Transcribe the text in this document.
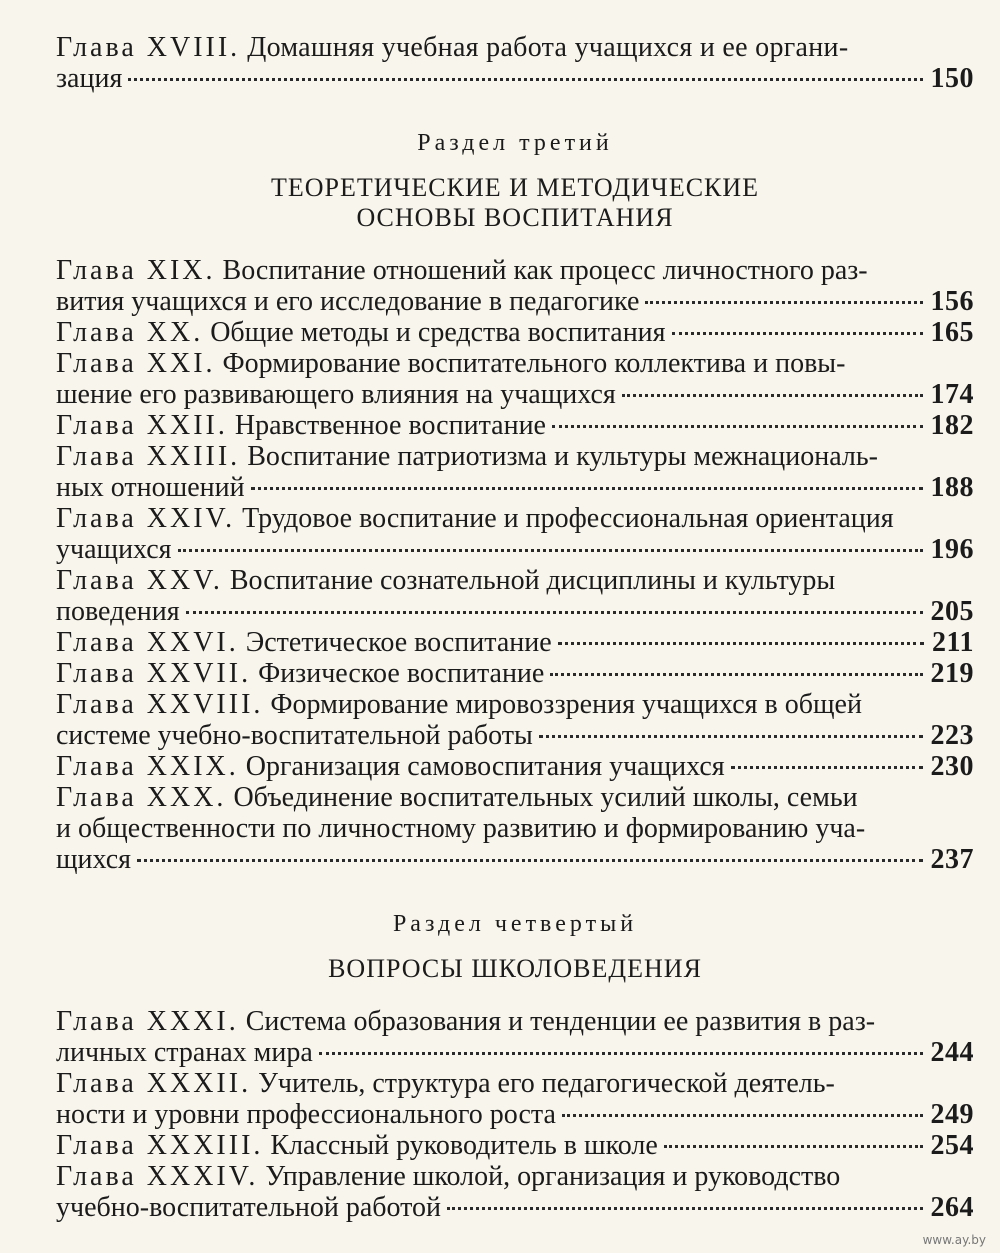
Глава XVIII.
Домашняя учебная работа учащихся и ее органи-
зация	150

Раздел третий

ТЕОРЕТИЧЕСКИЕ И МЕТОДИЧЕСКИЕ

ОСНОВЫ ВОСПИТАНИЯ

Глава XIX.
Воспитание отношений как процесс личностного раз-
вития учащихся и его исследование в педагогике	156
Глава XX.
Общие методы и средства воспитания	165
Глава XXI.
Формирование воспитательного коллектива и повы-
шение его развивающего влияния на учащихся	174
Глава XXII.
Нравственное воспитание	182
Глава XXIII.
Воспитание патриотизма и культуры межнациональ-
ных отношений	188
Глава XXIV.
Трудовое воспитание и профессиональная ориентация
учащихся	196
Глава XXV.
Воспитание сознательной дисциплины и культуры
поведения	205
Глава XXVI.
Эстетическое воспитание	211
Глава XXVII.
Физическое воспитание	219
Глава XXVIII.
Формирование мировоззрения учащихся в общей
системе учебно-воспитательной работы	223
Глава XXIX.
Организация самовоспитания учащихся	230
Глава XXX.
Объединение воспитательных усилий школы, семьи
и общественности по личностному развитию и формированию уча-
щихся	237

Раздел четвертый

ВОПРОСЫ ШКОЛОВЕДЕНИЯ

Глава XXXI.
Система образования и тенденции ее развития в раз-
личных странах мира	244
Глава XXXII.
Учитель, структура его педагогической деятель-
ности и уровни профессионального роста	249
Глава XXXIII.
Классный руководитель в школе	254
Глава XXXIV.
Управление школой, организация и руководство
учебно-воспитательной работой	264
www.ay.by
